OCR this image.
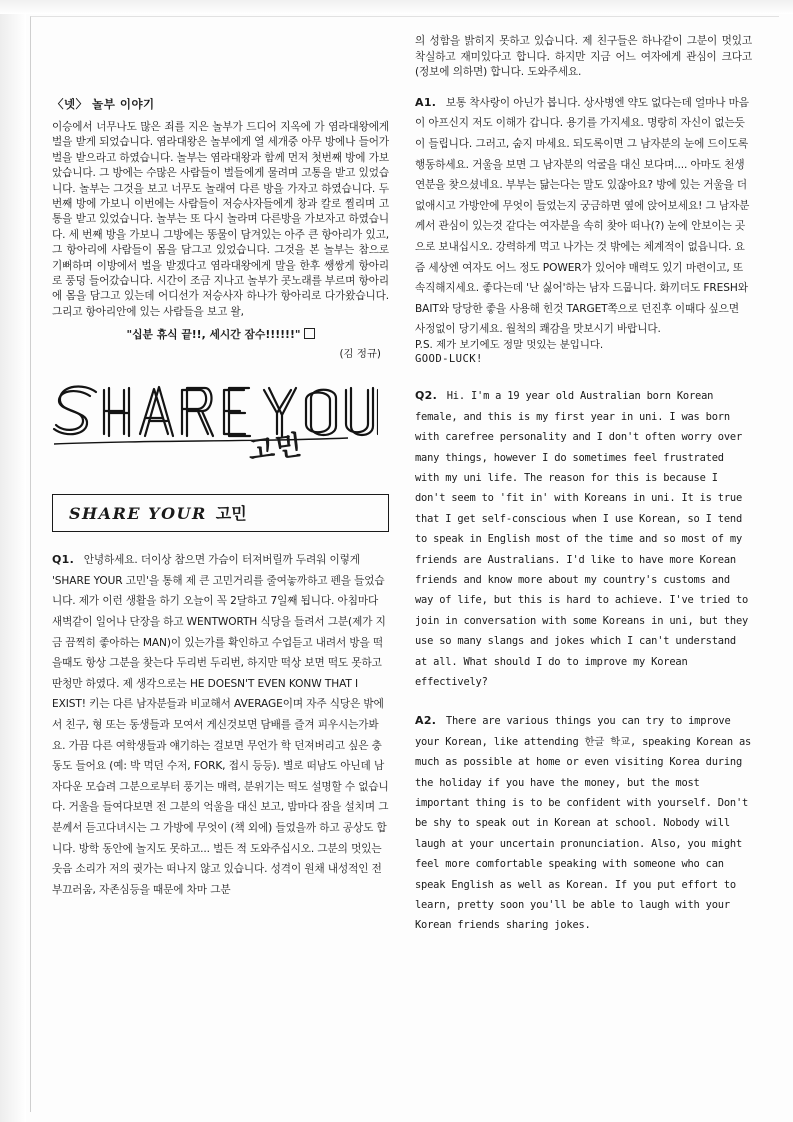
〈넷〉 놀부 이야기

이승에서 너무나도 많은 죄를 지은 놀부가 드디어 지옥에 가 염라대왕에게 벌을 받게 되었습니다. 염라대왕은 놀부에게 열 세개중 아무 방에나 들어가 벌을 받으라고 하였습니다. 놀부는 염라대왕과 함께 먼저 첫번째 방에 가보았습니다. 그 방에는 수많은 사람들이 벌들에게 물려며 고통을 받고 있었습니다. 놀부는 그것을 보고 너무도 놀래여 다른 방을 가자고 하였습니다. 두번째 방에 가보니 이번에는 사람들이 저승사자들에게 창과 칼로 찔리며 고통을 받고 있었습니다. 놀부는 또 다시 놀라며 다른방을 가보자고 하였습니다. 세 번째 방을 가보니 그방에는 똥물이 담겨있는 아주 큰 항아리가 있고, 그 항아리에 사람들이 몸을 담그고 있었습니다. 그것을 본 놀부는 참으로 기뻐하며 이방에서 벌을 받겠다고 염라대왕에게 말을 한후 쌩쌍게 항아리로 풍덩 들어갔습니다. 시간이 조금 지나고 놀부가 콧노래를 부르며 항아리에 몸을 담그고 있는데 어디선가 저승사자 하나가 항아리로 다가왔습니다. 그리고 항아리안에 있는 사람들을 보고 왈,

"십분 휴식 끝!!, 세시간 잠수!!!!!!"
(김 정규)
고민
SHARE YOUR 고민
Q1. 안녕하세요. 더이상 참으면 가슴이 터져버릴까 두려워 이렇게 'SHARE YOUR 고민'을 통해 제 큰 고민거리를 줄여놓까하고 펜을 들었습니다. 제가 이런 생활을 하기 오늘이 꼭 2달하고 7일째 됩니다. 아침마다 새벽같이 일어나 단장을 하고 WENTWORTH 식당을 들려서 그분(제가 지금 끔찍히 좋아하는 MAN)이 있는가를 확인하고 수업듣고 내려서 방을 떡을때도 항상 그분을 찾는다 두리번 두리번, 하지만 떡상 보면 떡도 못하고 딴청만 하였다. 제 생각으로는 HE DOESN'T EVEN KONW THAT I EXIST! 키는 다른 남자분들과 비교해서 AVERAGE이며 자주 식당은 밖에서 친구, 형 또는 동생들과 모여서 게신것보면 담배를 즐겨 피우시는가봐요. 가끔 다른 여학생들과 얘기하는 걸보면 무언가 학 던져버리고 싶은 충동도 들어요 (예: 박 먹던 수저, FORK, 접시 등등). 별로 떠남도 아닌데 남자다운 모습려 그분으로부터 풍기는 매력, 분위기는 떡도 설명할 수 없습니다. 거울을 들여다보면 전 그분의 억울을 대신 보고, 밤마다 잠을 설치며 그분께서 듣고다녀시는 그 가방에 무엇이 (책 외에) 들었을까 하고 공상도 합니다. 방학 동안에 놀지도 못하고... 벌든 적 도와주십시오. 그분의 멋있는 웃음 소리가 저의 귓가는 떠나지 않고 있습니다. 성격이 원채 내성적인 전 부끄러움, 자존심등을 때문에 차마 그분
의 성함을 밝히지 못하고 있습니다. 제 친구들은 하나같이 그분이 멋있고 착실하고 재미있다고 합니다. 하지만 지금 어느 여자에게 관심이 크다고 (정보에 의하면) 합니다. 도와주세요.
A1. 보통 착사랑이 아닌가 봅니다. 상사병엔 약도 없다는데 얼마나 마음이 아프신지 저도 이해가 갑니다. 용기를 가지세요. 명랑히 자신이 없는듯이 들립니다. 그러고, 숨지 마세요. 되도록이면 그 남자분의 눈에 드이도록 행동하세요. 거울을 보면 그 남자분의 억굴을 대신 보다며.... 아마도 천생연분을 찾으셨네요. 부부는 닮는다는 말도 있잖아요? 방에 있는 거울을 더 없애시고 가방안에 무엇이 들었는지 궁금하면 옆에 앉어보세요! 그 남자분께서 관심이 있는것 같다는 여자분을 속히 찾아 떠나(?) 눈에 안보이는 곳으로 보내십시오. 강력하게 먹고 나가는 것 밖에는 체계적이 없읍니다. 요즘 세상엔 여자도 어느 정도 POWER가 있어야 매력도 있기 마련이고, 또 속직해지세요. 좋다는데 '난 싫어'하는 남자 드뭅니다. 화끼더도 FRESH와 BAIT와 당당한 좋을 사용해 힌것 TARGET쪽으로 던진후 이때다 싶으면 사정없이 당기세요. 월척의 쾌감을 맛보시기 바랍니다.
P.S. 제가 보기에도 정말 멋있는 분입니다.
GOOD-LUCK!
Q2. Hi. I'm a 19 year old Australian born Korean female, and this is my first year in uni. I was born with carefree personality and I don't often worry over many things, however I do sometimes feel frustrated with my uni life. The reason for this is because I don't seem to 'fit in' with Koreans in uni. It is true that I get self-conscious when I use Korean, so I tend to speak in English most of the time and so most of my friends are Australians. I'd like to have more Korean friends and know more about my country's customs and way of life, but this is hard to achieve. I've tried to join in conversation with some Koreans in uni, but they use so many slangs and jokes which I can't understand at all. What should I do to improve my Korean effectively?
A2. There are various things you can try to improve your Korean, like attending 한글 학교, speaking Korean as much as possible at home or even visiting Korea during the holiday if you have the money, but the most important thing is to be confident with yourself. Don't be shy to speak out in Korean at school. Nobody will laugh at your uncertain pronunciation. Also, you might feel more comfortable speaking with someone who can speak English as well as Korean. If you put effort to learn, pretty soon you'll be able to laugh with your Korean friends sharing jokes.
